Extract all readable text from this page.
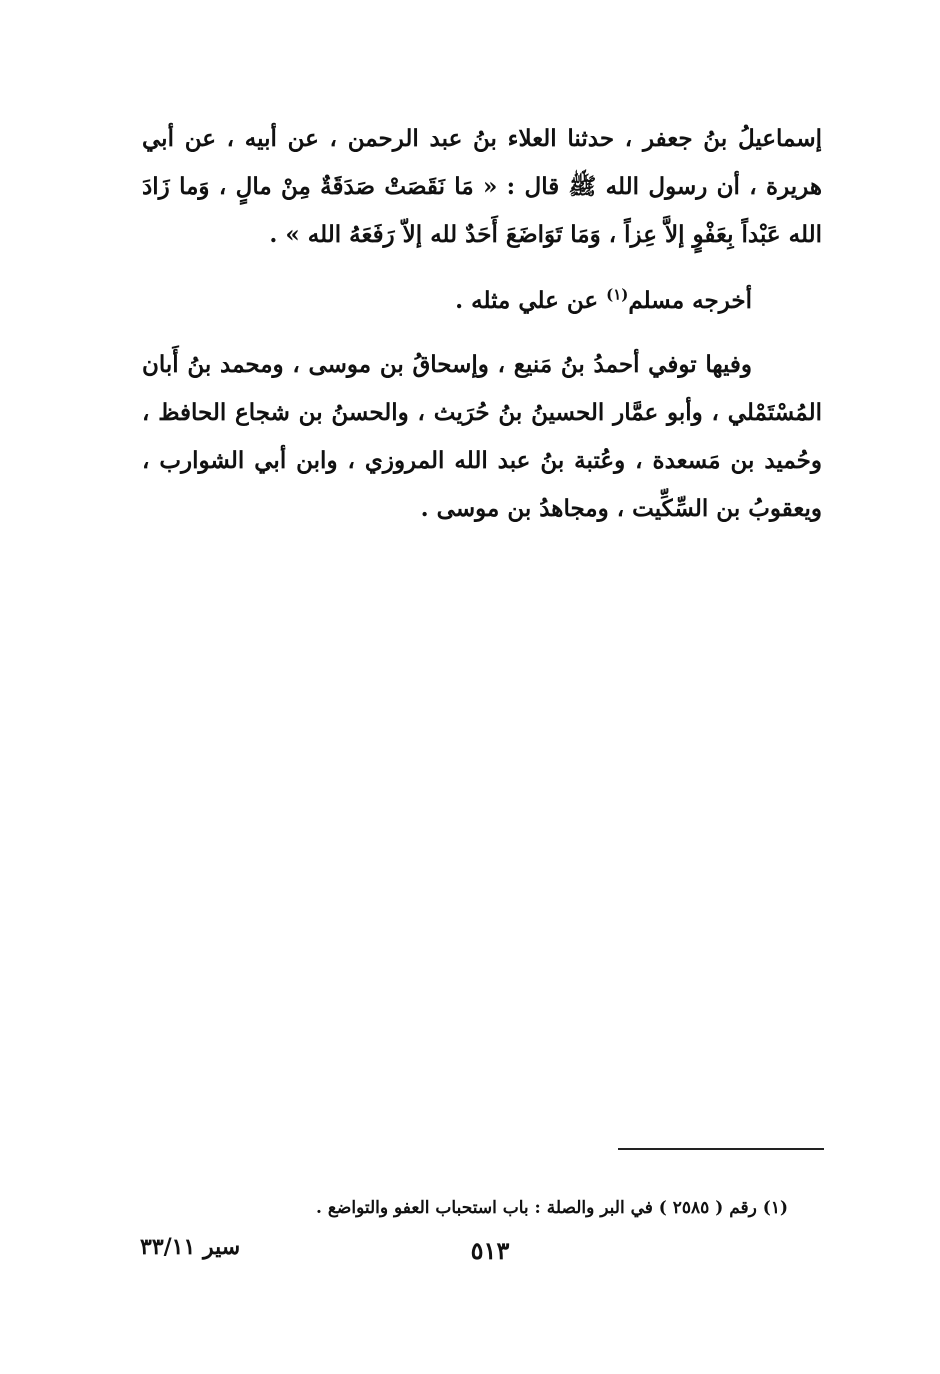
إسماعيلُ بنُ جعفر ، حدثنا العلاء بنُ عبد الرحمن ، عن أبيه ، عن أبي هريرة ، أن رسول الله ﷺ قال : « مَا نَقَصَتْ صَدَقَةٌ مِنْ مالٍ ، وَما زَادَ الله عَبْداً بِعَفْوٍ إلاَّ عِزاً ، وَمَا تَوَاضَعَ أَحَدٌ لله إلاّ رَفَعَهُ الله » .

أخرجه مسلم$^{(١)}$ عن علي مثله .

وفيها توفي أحمدُ بنُ مَنيع ، وإسحاقُ بن موسى ، ومحمد بنُ أَبان المُسْتَمْلي ، وأبو عمَّار الحسينُ بنُ حُرَيث ، والحسنُ بن شجاع الحافظ ، وحُميد بن مَسعدة ، وعُتبة بنُ عبد الله المروزي ، وابن أبي الشوارب ، ويعقوبُ بن السِّكِّيت ، ومجاهدُ بن موسى .

(١) رقم ( ٢٥٨٥ ) في البر والصلة : باب استحباب العفو والتواضع .

٥١٣
سير ٣٣/١١
